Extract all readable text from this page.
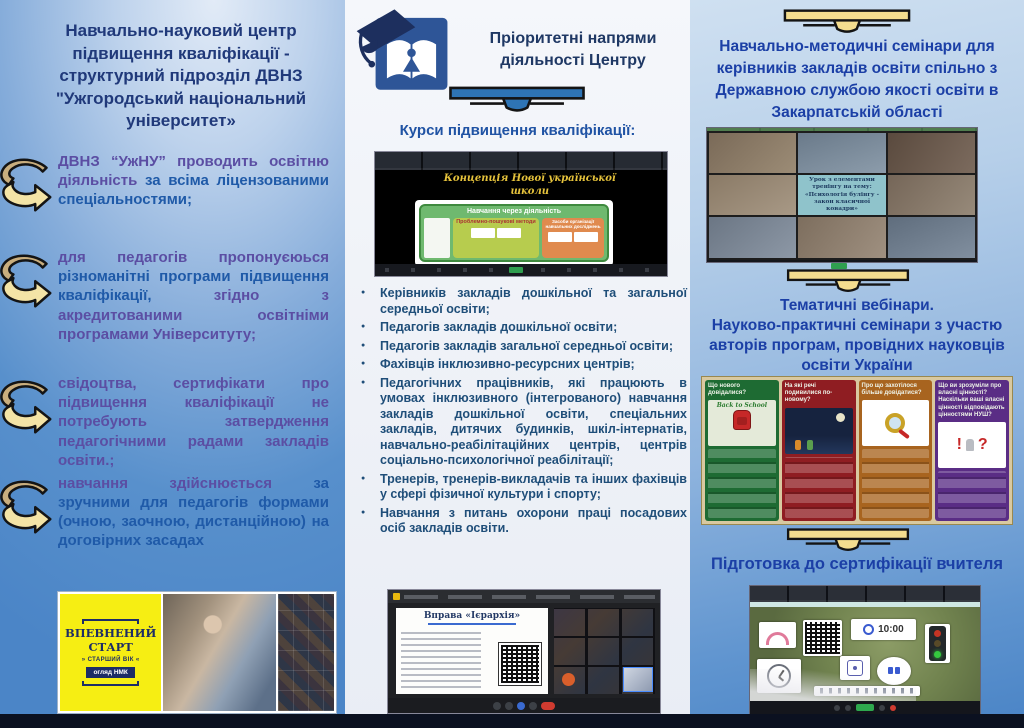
Навчально-науковий центр підвищення кваліфікації - структурний підрозділ ДВНЗ "Ужгородський національний університет»
ДВНЗ “УжНУ” проводить освітню діяльність за всіма ліцензованими спеціальностями;
для педагогів пропонуєюься різноманітні програми підвищення кваліфікації, згідно з акредитованими освітніми програмами Університуту;
свідоцтва, сертифікати про підвищення кваліфікації не потребують затвердження педагогічними радами закладів освіти.;
навчання здійснюється за зручними для педагогів формами (очною, заочною, дистанційною) на договірних засадах
ВПЕВНЕНИЙ СТАРТ
» СТАРШИЙ ВІК «
огляд НМК
Пріоритетні напрями діяльності Центру
Курси підвищення кваліфікації:
Концепція Нової української школи
Навчання через діяльність
Проблемно-пошукові методи	Засоби організації навчальних досліджень
● Керівників закладів дошкільної та загальної середньої освіти;
● Педагогів закладів дошкільної освіти;
● Педагогів закладів загальної середньої освіти;
● Фахівців інклюзивно-ресурсних центрів;
● Педагогічних працівників, які працюють в умовах інклюзивного (інтегрованого) навчання закладів дошкільної освіти, спеціальних закладів, дитячих будинків, шкіл-інтернатів, навчально-реабілітаційних центрів, центрів соціально-психологічної реабілітації;
● Тренерів, тренерів-викладачів та інших фахівців у сфері фізичної культури і спорту;
● Навчання з питань охорони праці посадових осіб закладів освіти.
Вправа «Ієрархія»
Навчально-методичні семінари для керівників закладів освіти спільно з Державною службою якості освіти в Закарпатській області
Урок з елементами тренінгу на тему: «Психологія булінгу - закон класичної ковадри»
Тематичні вебінари.
Науково-практичні семінари з участю авторів програм, провідних науковців освіти України
Що нового довідалися?
Back to School
На які речі подивилися по-новому?
Про що захотілося більше довідатися?
Що ви зрозуміли про власні цінності? Наскільки ваші власні цінності відповідають цінностями НУШ?
! ?
Підготовка до сертифікації вчителя
10:00
